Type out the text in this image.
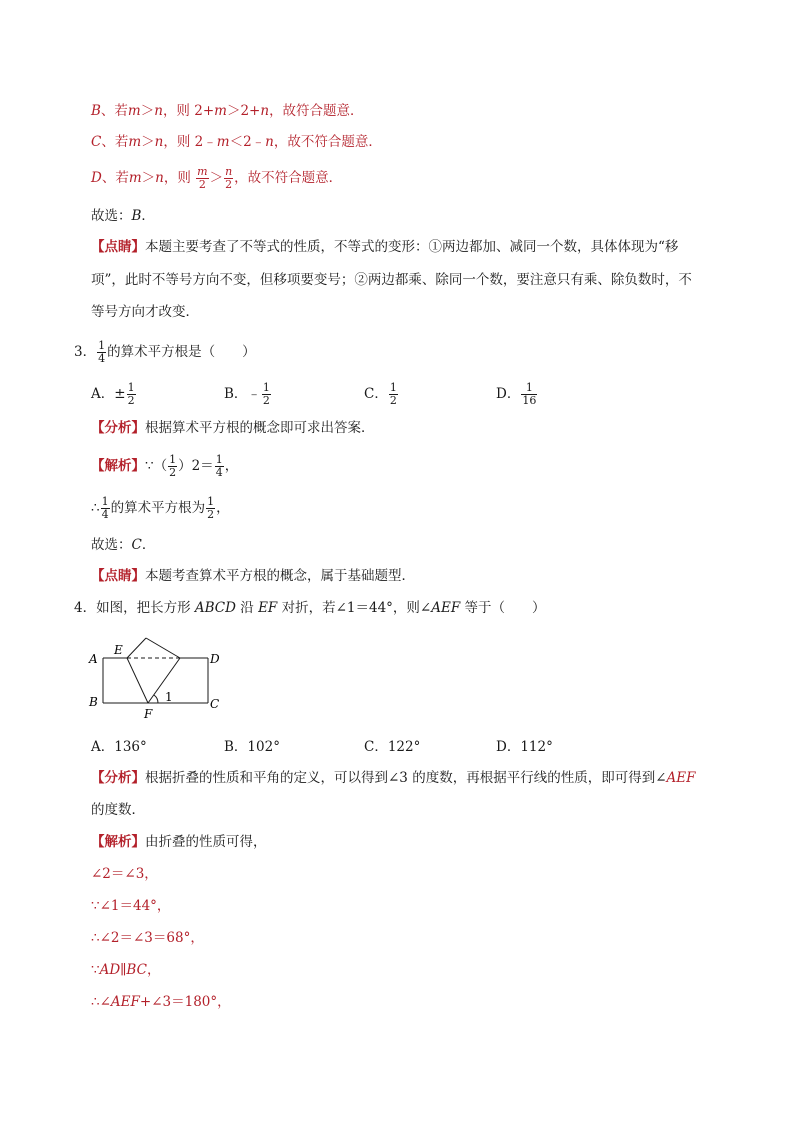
B、若m＞n，则 2+m＞2+n，故符合题意．
C、若m＞n，则 2﹣m＜2﹣n，故不符合题意．
D、若m＞n，则 $\frac{m}{2} > \frac{n}{2}$ ，故不符合题意．
故选：B．
【点睛】本题主要考查了不等式的性质，不等式的变形：①两边都加、减同一个数，具体体现为“移
项”，此时不等号方向不变，但移项要变号；②两边都乘、除同一个数，要注意只有乘、除负数时，不
等号方向才改变．
3． $\frac{1}{4}$ 的算术平方根是（　　）
A．± $\frac{1}{2}$	B．﹣ $\frac{1}{2}$	C． $\frac{1}{2}$	D． $\frac{1}{16}$
【分析】根据算术平方根的概念即可求出答案．
【解析】∵（ $\frac{1}{2} )2= \frac{1}{4}$ ，
∴ $\frac{1}{4}$ 的算术平方根为 $\frac{1}{2}$ ，
故选：C．
【点睛】本题考查算术平方根的概念，属于基础题型．
4．如图，把长方形 ABCD 沿 EF 对折，若∠1＝44°，则∠AEF 等于（　　）
A
E
D
B	C
F
1
A．136°	B．102°	C．122°	D．112°
【分析】根据折叠的性质和平角的定义，可以得到∠3 的度数，再根据平行线的性质，即可得到∠AEF
的度数．
【解析】由折叠的性质可得，
∠2＝∠3，
∵∠1＝44°，
∴∠2＝∠3＝68°，
∵AD∥BC，
∴∠AEF+∠3＝180°，
